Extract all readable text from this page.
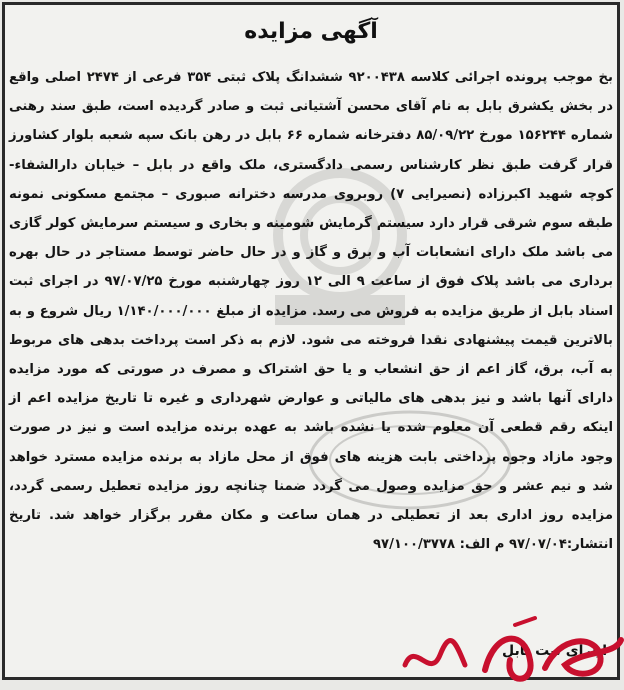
آگهی مزایده
بخ موجب پرونده اجرائی کلاسه ۹۲۰۰۴۳۸ ششدانگ پلاک ثبتی ۳۵۴ فرعی از ۲۴۷۴ اصلی واقع در بخش یکشرق بابل به نام آقای محسن آشتیانی ثبت و صادر گردیده است، طبق سند رهنی شماره ۱۵۶۲۴۴ مورخ ۸۵/۰۹/۲۲ دفترخانه شماره ۶۶ بابل در رهن بانک سپه شعبه بلوار کشاورز قرار گرفت طبق نظر کارشناس رسمی دادگستری، ملک واقع در بابل – خیابان دارالشفاء- کوچه شهید اکبرزاده (نصیرایی ۷) روبروی مدرسه دخترانه صبوری – مجتمع مسکونی نمونه طبقه سوم شرقی قرار دارد سیستم گرمایش شومینه و بخاری و سیستم سرمایش کولر گازی می باشد ملک دارای انشعابات آب و برق و گاز و در حال حاضر توسط مستاجر در حال بهره برداری می باشد پلاک فوق از ساعت ۹ الی ۱۲ روز چهارشنبه مورخ ۹۷/۰۷/۲۵ در اجرای ثبت اسناد بابل از طریق مزایده به فروش می رسد. مزایده از مبلغ ۱/۱۴۰/۰۰۰/۰۰۰ ریال شروع و به بالاترین قیمت پیشنهادی نقدا فروخته می شود. لازم به ذکر است پرداخت بدهی های مربوط به آب، برق، گاز اعم از حق انشعاب و یا حق اشتراک و مصرف در صورتی که مورد مزایده دارای آنها باشد و نیز بدهی های مالیاتی و عوارض شهرداری و غیره تا تاریخ مزایده اعم از اینکه رقم قطعی آن معلوم شده یا نشده باشد به عهده برنده مزایده است و نیز در صورت وجود مازاد وجوه پرداختی بابت هزینه های فوق از محل مازاد به برنده مزایده مسترد خواهد شد و نیم عشر و حق مزایده وصول می گردد ضمنا چنانچه روز مزایده تعطیل رسمی گردد، مزایده روز اداری بعد از تعطیلی در همان ساعت و مکان مقرر برگزار خواهد شد. تاریخ انتشار:۹۷/۰۷/۰۴ م الف: ۹۷/۱۰۰/۳۷۷۸
اجرای ثبت بابل
